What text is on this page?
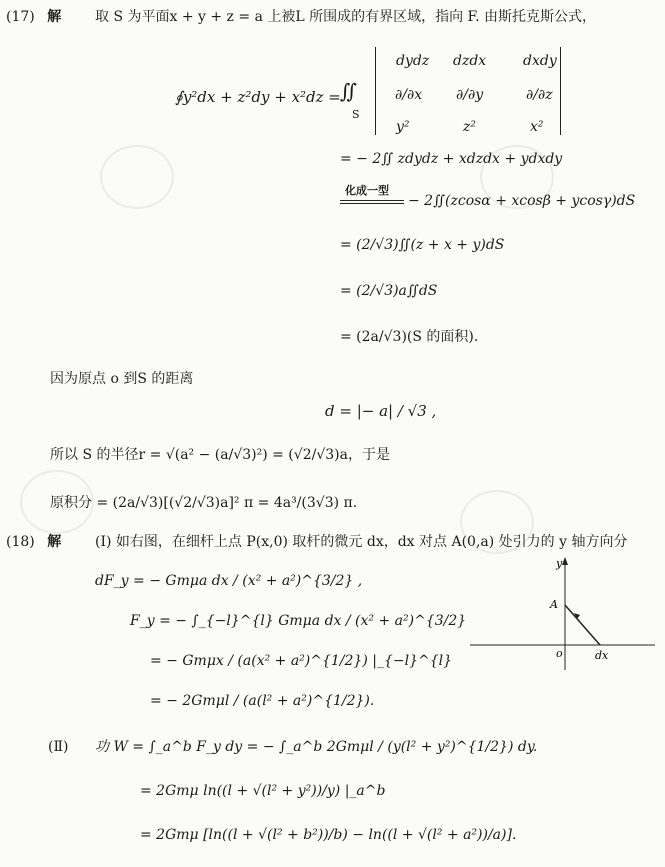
(17) 解 取 S 为平面x + y + z = a 上被L 所围成的有界区域，指向 F. 由斯托克斯公式，
∮y²dx + z²dy + x²dz = ∬
S
dydz dzdx	dxdy
∂/∂x ∂/∂y	∂/∂z
y²	z²	x²
= − 2∬ zdydz + xdzdx + ydxdy
化成一型
− 2∬(zcosα + xcosβ + ycosγ)dS
= (2/√3)∬(z + x + y)dS
= (2/√3)a∬dS
= (2a/√3)(S 的面积).
因为原点 o 到S 的距离
d = |− a| / √3 ,
所以 S 的半径r = √(a² − (a/√3)²) = (√2/√3)a，于是
原积分 = (2a/√3)[(√2/√3)a]² π = 4a³/(3√3) π.
(18) 解 (Ⅰ) 如右图，在细杆上点 P(x,0) 取杆的微元 dx，dx 对点 A(0,a) 处引力的 y 轴方向分
dF_y = − Gmμa dx / (x² + a²)^{3/2} ,
F_y = − ∫_{−l}^{l} Gmμa dx / (x² + a²)^{3/2}
= − Gmμx / (a(x² + a²)^{1/2}) |_{−l}^{l}
= − 2Gmμl / (a(l² + a²)^{1/2}).
(Ⅱ) 功 W = ∫_a^b F_y dy = − ∫_a^b 2Gmμl / (y(l² + y²)^{1/2}) dy.
= 2Gmμ ln((l + √(l² + y²))/y) |_a^b
= 2Gmμ [ln((l + √(l² + b²))/b) − ln((l + √(l² + a²))/a)].
y
A
o	dx
